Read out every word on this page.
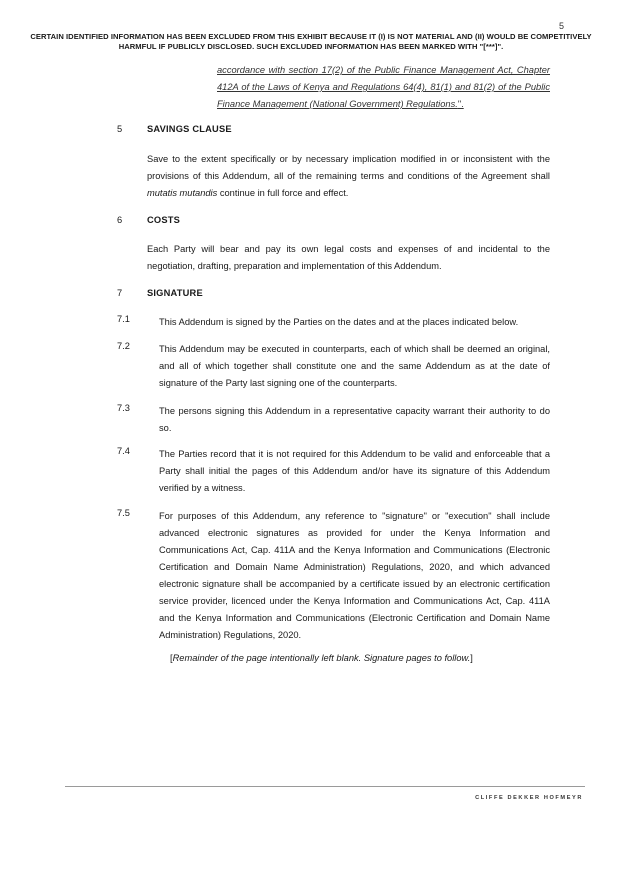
5
CERTAIN IDENTIFIED INFORMATION HAS BEEN EXCLUDED FROM THIS EXHIBIT BECAUSE IT (I) IS NOT MATERIAL AND (II) WOULD BE COMPETITIVELY HARMFUL IF PUBLICLY DISCLOSED. SUCH EXCLUDED INFORMATION HAS BEEN MARKED WITH "[***]".
accordance with section 17(2) of the Public Finance Management Act, Chapter 412A of the Laws of Kenya and Regulations 64(4), 81(1) and 81(2) of the Public Finance Management (National Government) Regulations.".
5	SAVINGS CLAUSE
Save to the extent specifically or by necessary implication modified in or inconsistent with the provisions of this Addendum, all of the remaining terms and conditions of the Agreement shall mutatis mutandis continue in full force and effect.
6	COSTS
Each Party will bear and pay its own legal costs and expenses of and incidental to the negotiation, drafting, preparation and implementation of this Addendum.
7	SIGNATURE
7.1	This Addendum is signed by the Parties on the dates and at the places indicated below.
7.2	This Addendum may be executed in counterparts, each of which shall be deemed an original, and all of which together shall constitute one and the same Addendum as at the date of signature of the Party last signing one of the counterparts.
7.3	The persons signing this Addendum in a representative capacity warrant their authority to do so.
7.4	The Parties record that it is not required for this Addendum to be valid and enforceable that a Party shall initial the pages of this Addendum and/or have its signature of this Addendum verified by a witness.
7.5	For purposes of this Addendum, any reference to "signature" or "execution" shall include advanced electronic signatures as provided for under the Kenya Information and Communications Act, Cap. 411A and the Kenya Information and Communications (Electronic Certification and Domain Name Administration) Regulations, 2020, and which advanced electronic signature shall be accompanied by a certificate issued by an electronic certification service provider, licenced under the Kenya Information and Communications Act, Cap. 411A and the Kenya Information and Communications (Electronic Certification and Domain Name Administration) Regulations, 2020.
[Remainder of the page intentionally left blank. Signature pages to follow.]
CLIFFE DEKKER HOFMEYR
